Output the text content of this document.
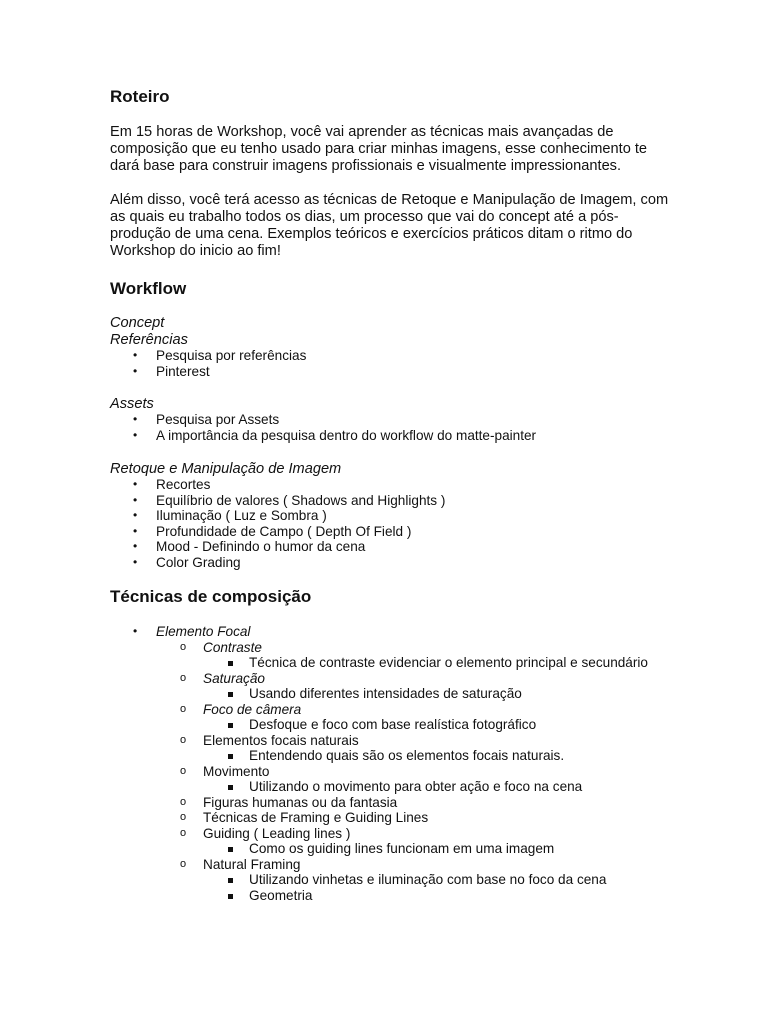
Roteiro

Em 15 horas de Workshop, você vai aprender as técnicas mais avançadas de composição que eu tenho usado para criar minhas imagens, esse conhecimento te dará base para construir imagens profissionais e visualmente impressionantes.

Além disso, você terá acesso as técnicas de Retoque e Manipulação de Imagem, com as quais eu trabalho todos os dias, um processo que vai do concept até a pós-produção de uma cena. Exemplos teóricos e exercícios práticos ditam o ritmo do Workshop do inicio ao fim!

Workflow

Concept

Referências

• Pesquisa por referências
• Pinterest

Assets

• Pesquisa por Assets
• A importância da pesquisa dentro do workflow do matte-painter

Retoque e Manipulação de Imagem

• Recortes
• Equilíbrio de valores ( Shadows and Highlights )
• Iluminação ( Luz e Sombra )
• Profundidade de Campo ( Depth Of Field )
• Mood - Definindo o humor da cena
• Color Grading
Técnicas de composição
• Elemento Focal
o Contraste
Técnica de contraste evidenciar o elemento principal e secundário
o Saturação
Usando diferentes intensidades de saturação
o Foco de câmera
Desfoque e foco com base realística fotográfico
o Elementos focais naturais
Entendendo quais são os elementos focais naturais.
o Movimento
Utilizando o movimento para obter ação e foco na cena
o Figuras humanas ou da fantasia
o Técnicas de Framing e Guiding Lines
o Guiding ( Leading lines )
Como os guiding lines funcionam em uma imagem
o Natural Framing
Utilizando vinhetas e iluminação com base no foco da cena
Geometria
